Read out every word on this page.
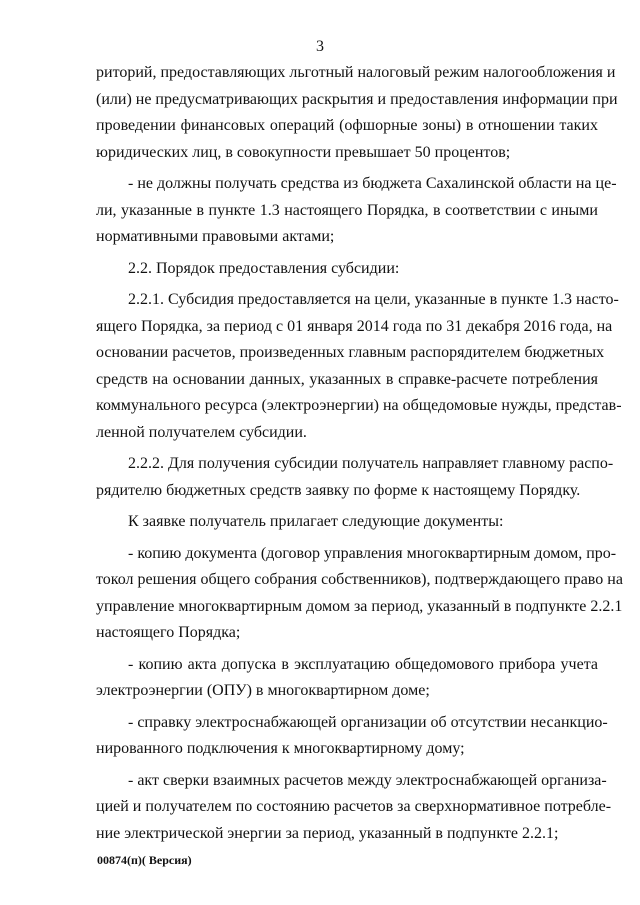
3
риторий, предоставляющих льготный налоговый режим налогообложения и
(или) не предусматривающих раскрытия и предоставления информации при
проведении финансовых операций (офшорные зоны) в отношении таких
юридических лиц, в совокупности превышает 50 процентов;
- не должны получать средства из бюджета Сахалинской области на це-
ли, указанные в пункте 1.3 настоящего Порядка, в соответствии с иными
нормативными правовыми актами;
2.2. Порядок предоставления субсидии:
2.2.1. Субсидия предоставляется на цели, указанные в пункте 1.3 насто-
ящего Порядка, за период с 01 января 2014 года по 31 декабря 2016 года, на
основании расчетов, произведенных главным распорядителем бюджетных
средств на основании данных, указанных в справке-расчете потребления
коммунального ресурса (электроэнергии) на общедомовые нужды, представ-
ленной получателем субсидии.
2.2.2. Для получения субсидии получатель направляет главному распо-
рядителю бюджетных средств заявку по форме к настоящему Порядку.
К заявке получатель прилагает следующие документы:
- копию документа (договор управления многоквартирным домом, про-
токол решения общего собрания собственников), подтверждающего право на
управление многоквартирным домом за период, указанный в подпункте 2.2.1
настоящего Порядка;
- копию акта допуска в эксплуатацию общедомового прибора учета
электроэнергии (ОПУ) в многоквартирном доме;
- справку электроснабжающей организации об отсутствии несанкцио-
нированного подключения к многоквартирному дому;
- акт сверки взаимных расчетов между электроснабжающей организа-
цией и получателем по состоянию расчетов за сверхнормативное потребле-
ние электрической энергии за период, указанный в подпункте 2.2.1;
00874(п)( Версия)
